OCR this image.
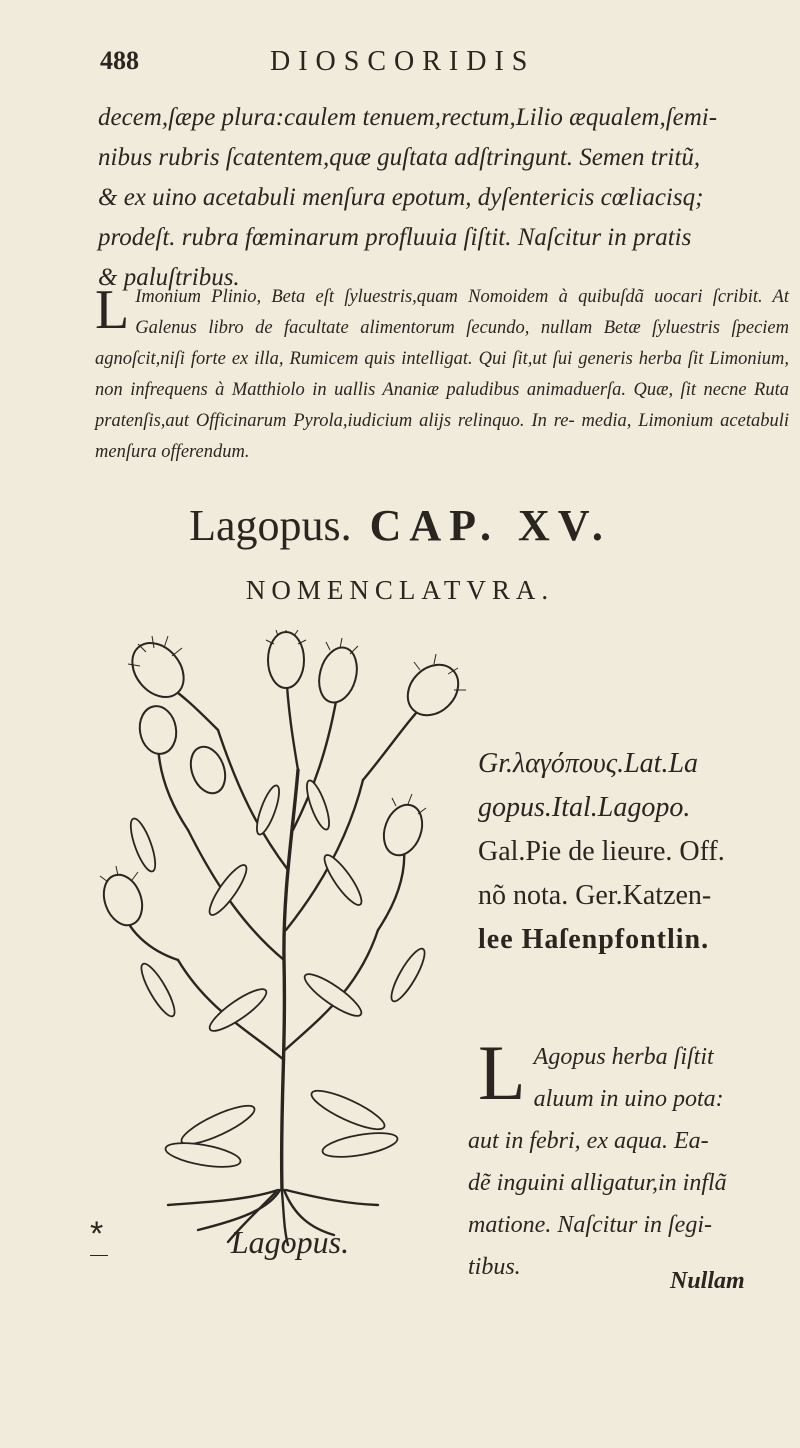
488	DIOSCORIDIS

decem,ſæpe plura:caulem tenuem,rectum,Lilio æqualem,ſemi-

nibus rubris ſcatentem,quæ guſtata adſtringunt. Semen tritũ,

& ex uino acetabuli menſura epotum, dyſentericis cœliacisq;

prodeſt. rubra fœminarum profluuia ſiſtit. Naſcitur in pratis

& paluſtribus.

L Imonium Plinio, Beta eſt ſyluestris,quam Nomoidem à quibuſdã uocari ſcribit. At Galenus libro de facultate alimentorum ſecundo, nullam Betæ ſyluestris ſpeciem agnoſcit,niſi forte ex illa, Rumicem quis intelligat. Qui ſit,ut ſui generis herba ſit Limonium, non infrequens à Matthiolo in uallis Ananiæ paludibus animaduerſa. Quæ, ſit necne Ruta pratenſis,aut Officinarum Pyrola,iudicium alijs relinquo. In re- media, Limonium acetabuli menſura offerendum.
Lagopus. CAP. XV.
NOMENCLATVRA.
*	Lagopus.
Gr.λαγόπους.Lat.La
gopus.Ital.Lagopo.
Gal.Pie de lieure. Off.
nõ nota. Ger.Katzen-
lee Haſenpfontlin.
L Agopus herba ſiſtit
aluum in uino pota:
aut in febri, ex aqua. Ea-
dẽ inguini alligatur,in inflã
matione. Naſcitur in ſegi-
tibus.
Nullam
